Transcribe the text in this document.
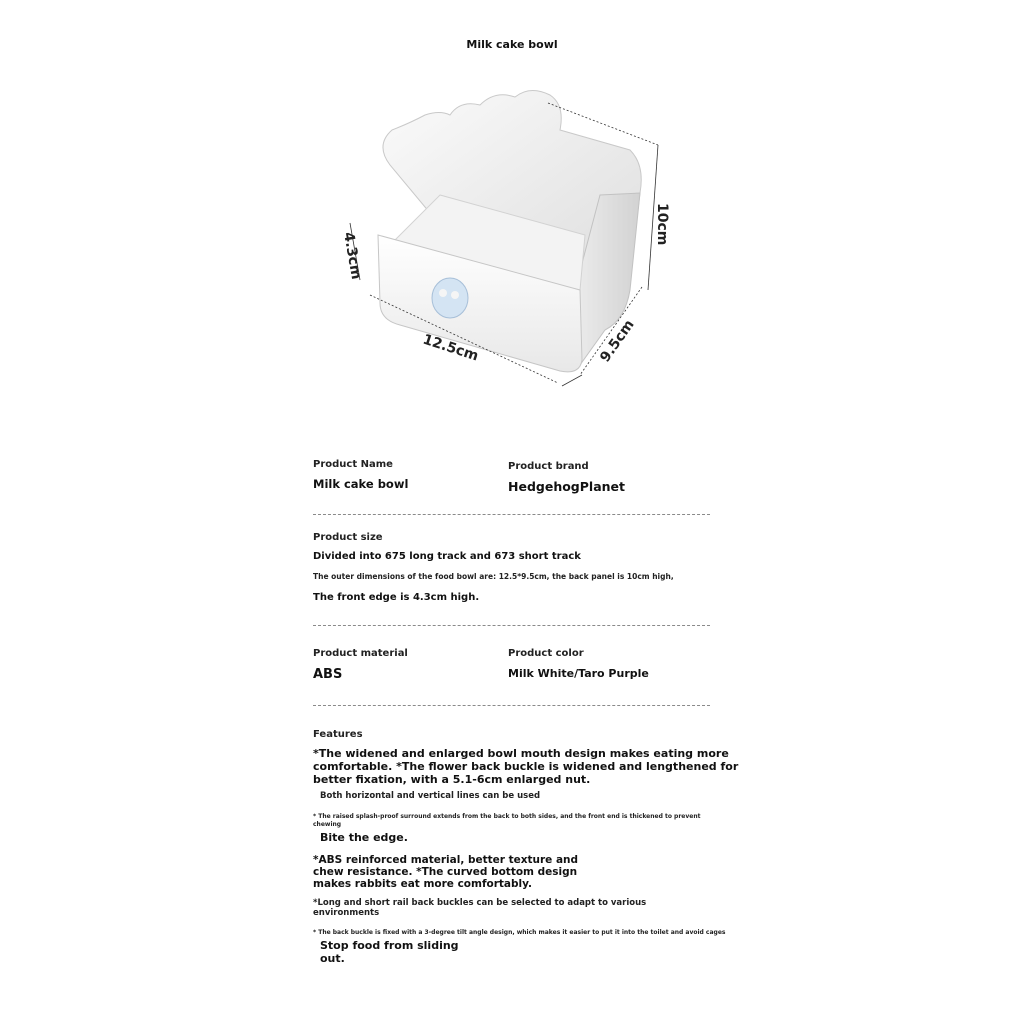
Milk cake bowl
10cm
4.3cm
12.5cm	9.5cm
Product Name
Milk cake bowl
Product brand
HedgehogPlanet
Product size
Divided into 675 long track and 673 short track
The outer dimensions of the food bowl are: 12.5*9.5cm, the back panel is 10cm high,
The front edge is 4.3cm high.
Product material
ABS
Product color
Milk White/Taro Purple
Features
*The widened and enlarged bowl mouth design makes eating more
comfortable. *The flower back buckle is widened and lengthened for
better fixation, with a 5.1-6cm enlarged nut.
Both horizontal and vertical lines can be used
* The raised splash-proof surround extends from the back to both sides, and the front end is thickened to prevent
chewing
Bite the edge.
*ABS reinforced material, better texture and
chew resistance. *The curved bottom design
makes rabbits eat more comfortably.
*Long and short rail back buckles can be selected to adapt to various
environments
* The back buckle is fixed with a 3-degree tilt angle design, which makes it easier to put it into the toilet and avoid cages
Stop food from sliding
out.
